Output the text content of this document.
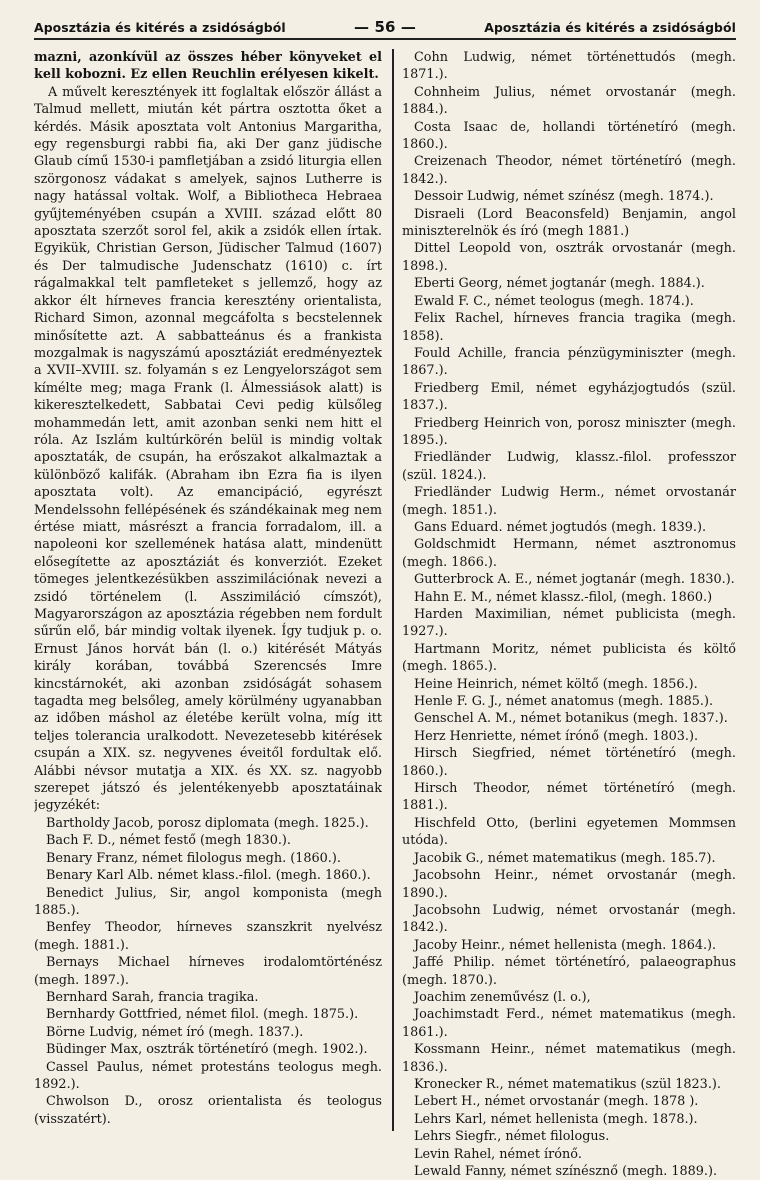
Aposztázia és kitérés a zsidóságból	— 56 —	Aposztázia és kitérés a zsidóságból

mazni, azonkívül az összes héber könyveket el kell kobozni. Ez ellen Reuchlin erélyesen kikelt.

A művelt keresztények itt foglaltak először állást a Talmud mellett, miután két pártra osztotta őket a kérdés. Másik aposztata volt Antonius Margaritha, egy regensburgi rabbi fia, aki Der ganz jüdische Glaub című 1530-i pamfletjában a zsidó liturgia ellen szörgonosz vádakat s amelyek, sajnos Lutherre is nagy hatással voltak. Wolf, a Bibliotheca Hebraea gyűjteményében csupán a XVIII. század előtt 80 aposztata szerzőt sorol fel, akik a zsidók ellen írtak. Egyikük, Christian Gerson, Jüdischer Talmud (1607) és Der talmudische Judenschatz (1610) c. írt rágalmakkal telt pamfleteket s jellemző, hogy az akkor élt hírneves francia keresztény orientalista, Richard Simon, azonnal megcáfolta s becstelennek minősítette azt. A sabbatteánus és a frankista mozgalmak is nagyszámú aposztáziát eredményeztek a XVII–XVIII. sz. folyamán s ez Lengyelországot sem kímélte meg; maga Frank (l. Álmessiások alatt) is kikeresztelkedett, Sabbatai Cevi pedig külsőleg mohammedán lett, amit azonban senki nem hitt el róla. Az Iszlám kultúrkörén belül is mindig voltak aposztaták, de csupán, ha erőszakot alkalmaztak a különböző kalifák. (Abraham ibn Ezra fia is ilyen aposztata volt). Az emancipáció, egyrészt Mendelssohn fellépésének és szándékainak meg nem értése miatt, másrészt a francia forradalom, ill. a napoleoni kor szellemének hatása alatt, mindenütt elősegítette az aposztáziát és konverziót. Ezeket tömeges jelentkezésükben asszimilációnak nevezi a zsidó történelem (l. Asszimiláció címszót), Magyarországon az aposztázia régebben nem fordult sűrűn elő, bár mindig voltak ilyenek. Így tudjuk p. o. Ernust János horvát bán (l. o.) kitérését Mátyás király korában, továbbá Szerencsés Imre kincstárnokét, aki azonban zsidóságát sohasem tagadta meg belsőleg, amely körülmény ugyanabban az időben máshol az életébe került volna, míg itt teljes tolerancia uralkodott. Nevezetesebb kitérések csupán a XIX. sz. negyvenes éveitől fordultak elő. Alábbi névsor mutatja a XIX. és XX. sz. nagyobb szerepet játszó és jelentékenyebb aposztatáinak jegyzékét:

Bartholdy Jacob, porosz diplomata (megh. 1825.).

Bach F. D., német festő (megh 1830.).

Benary Franz, német filologus megh. (1860.).

Benary Karl Alb. német klass.-filol. (megh. 1860.).

Benedict Julius, Sir, angol komponista (megh 1885.).

Benfey Theodor, hírneves szanszkrit nyelvész (megh. 1881.).

Bernays Michael hírneves irodalomtörténész (megh. 1897.).

Bernhard Sarah, francia tragika.

Bernhardy Gottfried, német filol. (megh. 1875.).

Börne Ludvig, német író (megh. 1837.).

Büdinger Max, osztrák történetíró (megh. 1902.).

Cassel Paulus, német protestáns teologus megh. 1892.).

Chwolson D., orosz orientalista és teologus (visszatért).

Cohn Ludwig, német történettudós (megh. 1871.).

Cohnheim Julius, német orvostanár (megh. 1884.).

Costa Isaac de, hollandi történetíró (megh. 1860.).

Creizenach Theodor, német történetíró (megh. 1842.).

Dessoir Ludwig, német színész (megh. 1874.).

Disraeli (Lord Beaconsfeld) Benjamin, angol miniszterelnök és író (megh 1881.)

Dittel Leopold von, osztrák orvostanár (megh. 1898.).

Eberti Georg, német jogtanár (megh. 1884.).

Ewald F. C., német teologus (megh. 1874.).

Felix Rachel, hírneves francia tragika (megh. 1858).

Fould Achille, francia pénzügyminiszter (megh. 1867.).

Friedberg Emil, német egyházjogtudós (szül. 1837.).

Friedberg Heinrich von, porosz miniszter (megh. 1895.).

Friedländer Ludwig, klassz.-filol. professzor (szül. 1824.).

Friedländer Ludwig Herm., német orvostanár (megh. 1851.).

Gans Eduard. német jogtudós (megh. 1839.).

Goldschmidt Hermann, német asztronomus (megh. 1866.).

Gutterbrock A. E., német jogtanár (megh. 1830.).

Hahn E. M., német klassz.-filol, (megh. 1860.)

Harden Maximilian, német publicista (megh. 1927.).

Hartmann Moritz, német publicista és költő (megh. 1865.).

Heine Heinrich, német költő (megh. 1856.).

Henle F. G. J., német anatomus (megh. 1885.).

Genschel A. M., német botanikus (megh. 1837.).

Herz Henriette, német írónő (megh. 1803.).

Hirsch Siegfried, német történetíró (megh. 1860.).

Hirsch Theodor, német történetíró (megh. 1881.).

Hischfeld Otto, (berlini egyetemen Mommsen utóda).

Jacobik G., német matematikus (megh. 185.7).

Jacobsohn Heinr., német orvostanár (megh. 1890.).

Jacobsohn Ludwig, német orvostanár (megh. 1842.).

Jacoby Heinr., német hellenista (megh. 1864.).

Jaffé Philip. német történetíró, palaeographus (megh. 1870.).

Joachim zeneművész (l. o.),

Joachimstadt Ferd., német matematikus (megh. 1861.).

Kossmann Heinr., német matematikus (megh. 1836.).

Kronecker R., német matematikus (szül 1823.).

Lebert H., német orvostanár (megh. 1878 ).

Lehrs Karl, német hellenista (megh. 1878.).

Lehrs Siegfr., német filologus.

Levin Rahel, német írónő.

Lewald Fanny, német színésznő (megh. 1889.).
